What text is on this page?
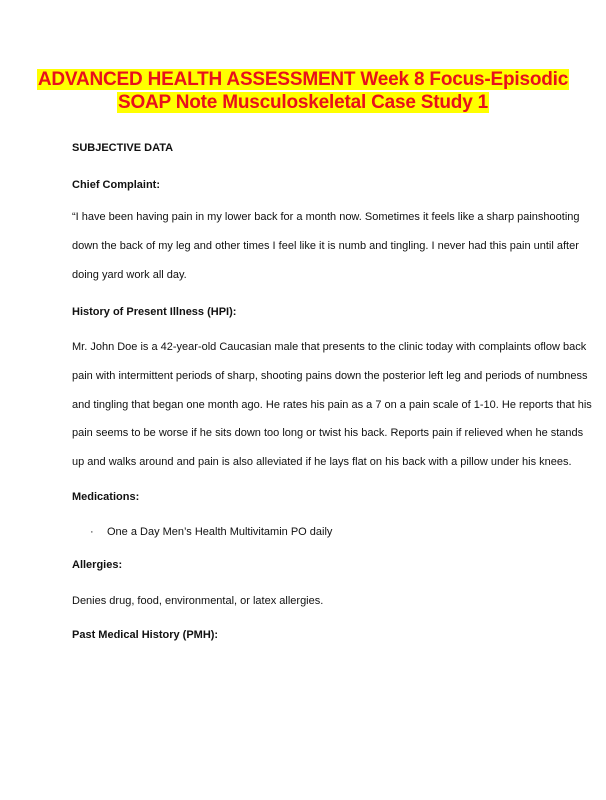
ADVANCED HEALTH ASSESSMENT Week 8 Focus-Episodic
SOAP Note Musculoskeletal Case Study 1
SUBJECTIVE DATA
Chief Complaint:
“I have been having pain in my lower back for a month now. Sometimes it feels like a sharp painshooting
down the back of my leg and other times I feel like it is numb and tingling. I never had this pain until after
doing yard work all day.
History of Present Illness (HPI):
Mr. John Doe is a 42-year-old Caucasian male that presents to the clinic today with complaints oflow back
pain with intermittent periods of sharp, shooting pains down the posterior left leg and periods of numbness
and tingling that began one month ago. He rates his pain as a 7 on a pain scale of 1-10. He reports that his
pain seems to be worse if he sits down too long or twist his back. Reports pain if relieved when he stands
up and walks around and pain is also alleviated if he lays flat on his back with a pillow under his knees.
Medications:
· One a Day Men’s Health Multivitamin PO daily
Allergies:
Denies drug, food, environmental, or latex allergies.
Past Medical History (PMH):
